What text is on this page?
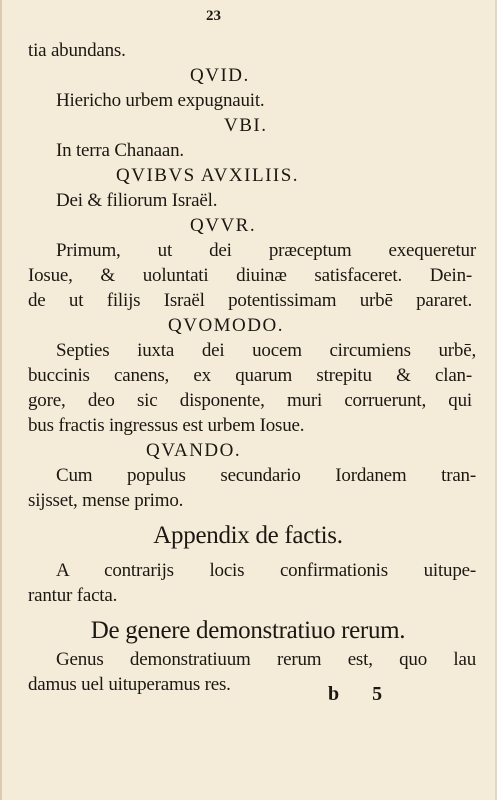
23
tia abundans.
QVID.
Hiericho urbem expugnauit.
VBI.
In terra Chanaan.
QVIBVS AVXILIIS.
Dei & filiorum Israël.
QVVR.
Primum, ut dei præceptum exequeretur
Iosue, & uoluntati diuinæ satisfaceret. Dein-
de ut filijs Israël potentissimam urbē pararet.
QVOMODO.
Septies iuxta dei uocem circumiens urbē,
buccinis canens, ex quarum strepitu & clan-
gore, deo sic disponente, muri corruerunt, qui
bus fractis ingressus est urbem Iosue.
QVANDO.
Cum populus secundario Iordanem tran-
sijsset, mense primo.
Appendix de factis.
A contrarijs locis confirmationis uitupe-
rantur facta.
De genere demonstratiuo rerum.
Genus demonstratiuum rerum est, quo lau
damus uel uituperamus res.	b 5
